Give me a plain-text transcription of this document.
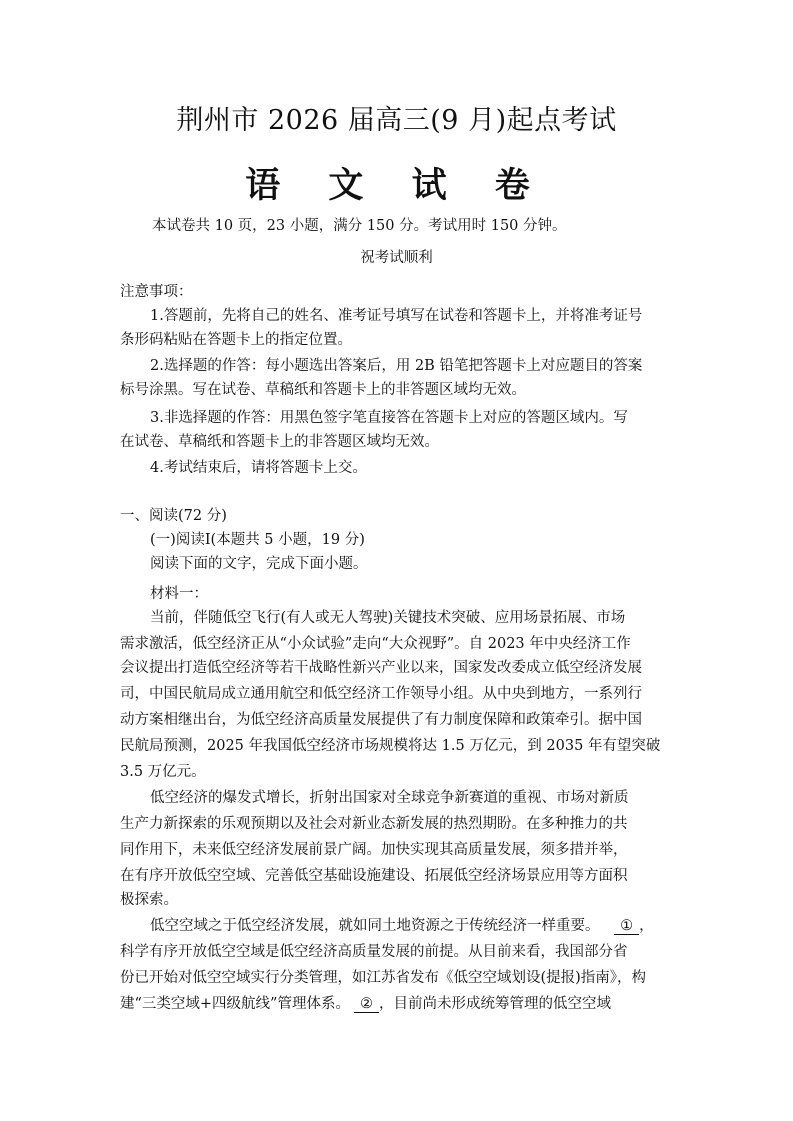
荆州市 2026 届高三(9 月)起点考试
语 文 试 卷
本试卷共 10 页，23 小题，满分 150 分。考试用时 150 分钟。
祝考试顺利
注意事项：
1.答题前，先将自己的姓名、准考证号填写在试卷和答题卡上，并将准考证号
条形码粘贴在答题卡上的指定位置。
2.选择题的作答：每小题选出答案后，用 2B 铅笔把答题卡上对应题目的答案
标号涂黑。写在试卷、草稿纸和答题卡上的非答题区域均无效。
3.非选择题的作答：用黑色签字笔直接答在答题卡上对应的答题区域内。写
在试卷、草稿纸和答题卡上的非答题区域均无效。
4.考试结束后，请将答题卡上交。
一、阅读(72 分)
(一)阅读Ⅰ(本题共 5 小题，19 分)
阅读下面的文字，完成下面小题。
材料一：
当前，伴随低空飞行(有人或无人驾驶)关键技术突破、应用场景拓展、市场
需求激活，低空经济正从“小众试验”走向“大众视野”。自 2023 年中央经济工作
会议提出打造低空经济等若干战略性新兴产业以来，国家发改委成立低空经济发展
司，中国民航局成立通用航空和低空经济工作领导小组。从中央到地方，一系列行
动方案相继出台，为低空经济高质量发展提供了有力制度保障和政策牵引。据中国
民航局预测，2025 年我国低空经济市场规模将达 1.5 万亿元，到 2035 年有望突破
3.5 万亿元。
低空经济的爆发式增长，折射出国家对全球竞争新赛道的重视、市场对新质
生产力新探索的乐观预期以及社会对新业态新发展的热烈期盼。在多种推力的共
同作用下，未来低空经济发展前景广阔。加快实现其高质量发展，须多措并举，
在有序开放低空空域、完善低空基础设施建设、拓展低空经济场景应用等方面积
极探索。
低空空域之于低空经济发展，就如同土地资源之于传统经济一样重要。 ① ，
科学有序开放低空空域是低空经济高质量发展的前提。从目前来看，我国部分省
份已开始对低空空域实行分类管理，如江苏省发布《低空空域划设(提报)指南》，构
建“三类空域+四级航线”管理体系。 ② ，目前尚未形成统筹管理的低空空域
